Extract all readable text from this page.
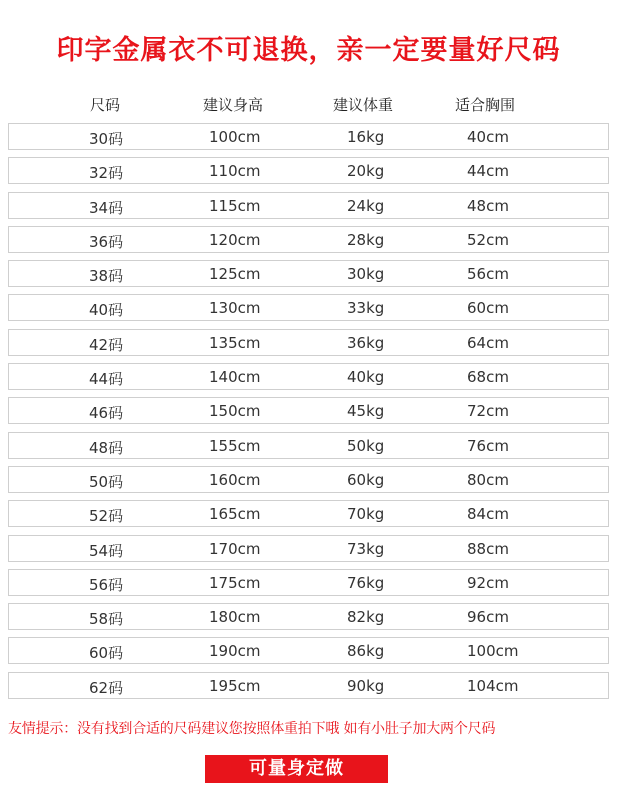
印字金属衣不可退换，亲一定要量好尺码
尺码	建议身高	建议体重	适合胸围
30码	100cm	16kg	40cm
32码	110cm	20kg	44cm
34码	115cm	24kg	48cm
36码	120cm	28kg	52cm
38码	125cm	30kg	56cm
40码	130cm	33kg	60cm
42码	135cm	36kg	64cm
44码	140cm	40kg	68cm
46码	150cm	45kg	72cm
48码	155cm	50kg	76cm
50码	160cm	60kg	80cm
52码	165cm	70kg	84cm
54码	170cm	73kg	88cm
56码	175cm	76kg	92cm
58码	180cm	82kg	96cm
60码	190cm	86kg	100cm
62码	195cm	90kg	104cm
友情提示：没有找到合适的尺码建议您按照体重拍下哦 如有小肚子加大两个尺码
可量身定做
